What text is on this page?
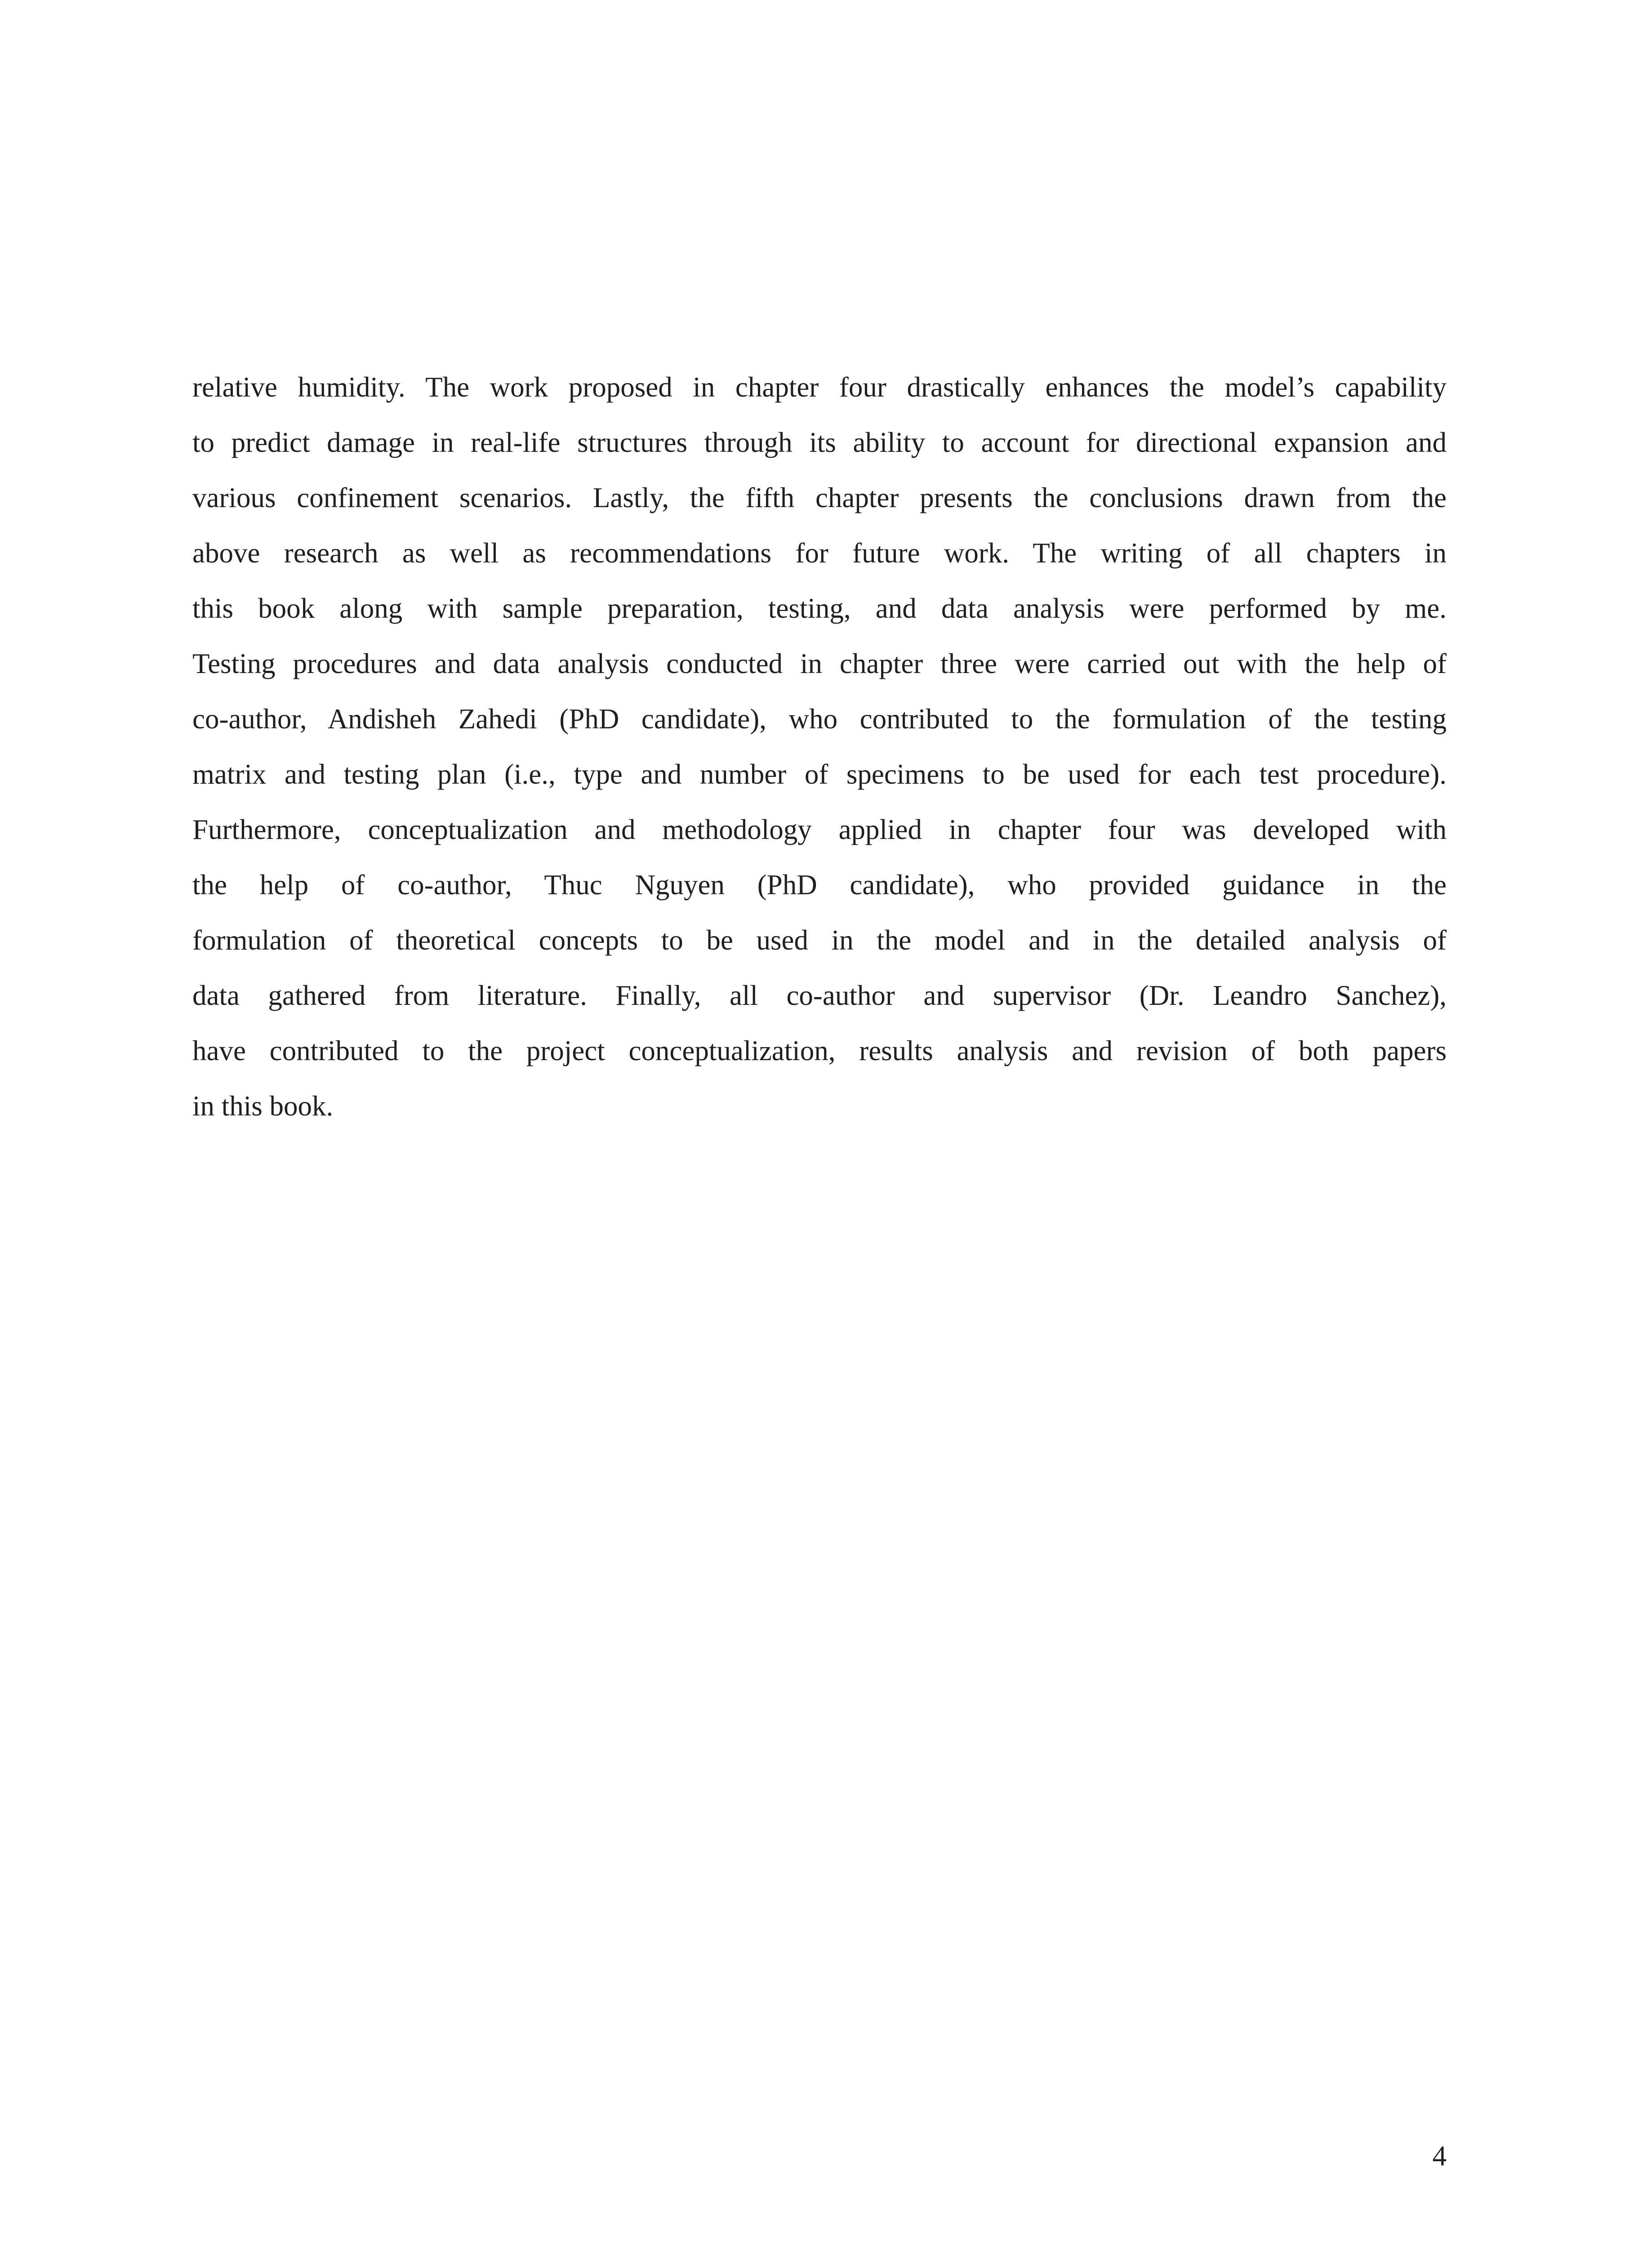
relative humidity. The work proposed in chapter four drastically enhances the model’s capability
to predict damage in real-life structures through its ability to account for directional expansion and
various confinement scenarios. Lastly, the fifth chapter presents the conclusions drawn from the
above research as well as recommendations for future work. The writing of all chapters in
this book along with sample preparation, testing, and data analysis were performed by me.
Testing procedures and data analysis conducted in chapter three were carried out with the help of
co-author, Andisheh Zahedi (PhD candidate), who contributed to the formulation of the testing
matrix and testing plan (i.e., type and number of specimens to be used for each test procedure).
Furthermore, conceptualization and methodology applied in chapter four was developed with
the help of co-author, Thuc Nguyen (PhD candidate), who provided guidance in the
formulation of theoretical concepts to be used in the model and in the detailed analysis of
data gathered from literature. Finally, all co-author and supervisor (Dr. Leandro Sanchez),
have contributed to the project conceptualization, results analysis and revision of both papers
in this book.

4
